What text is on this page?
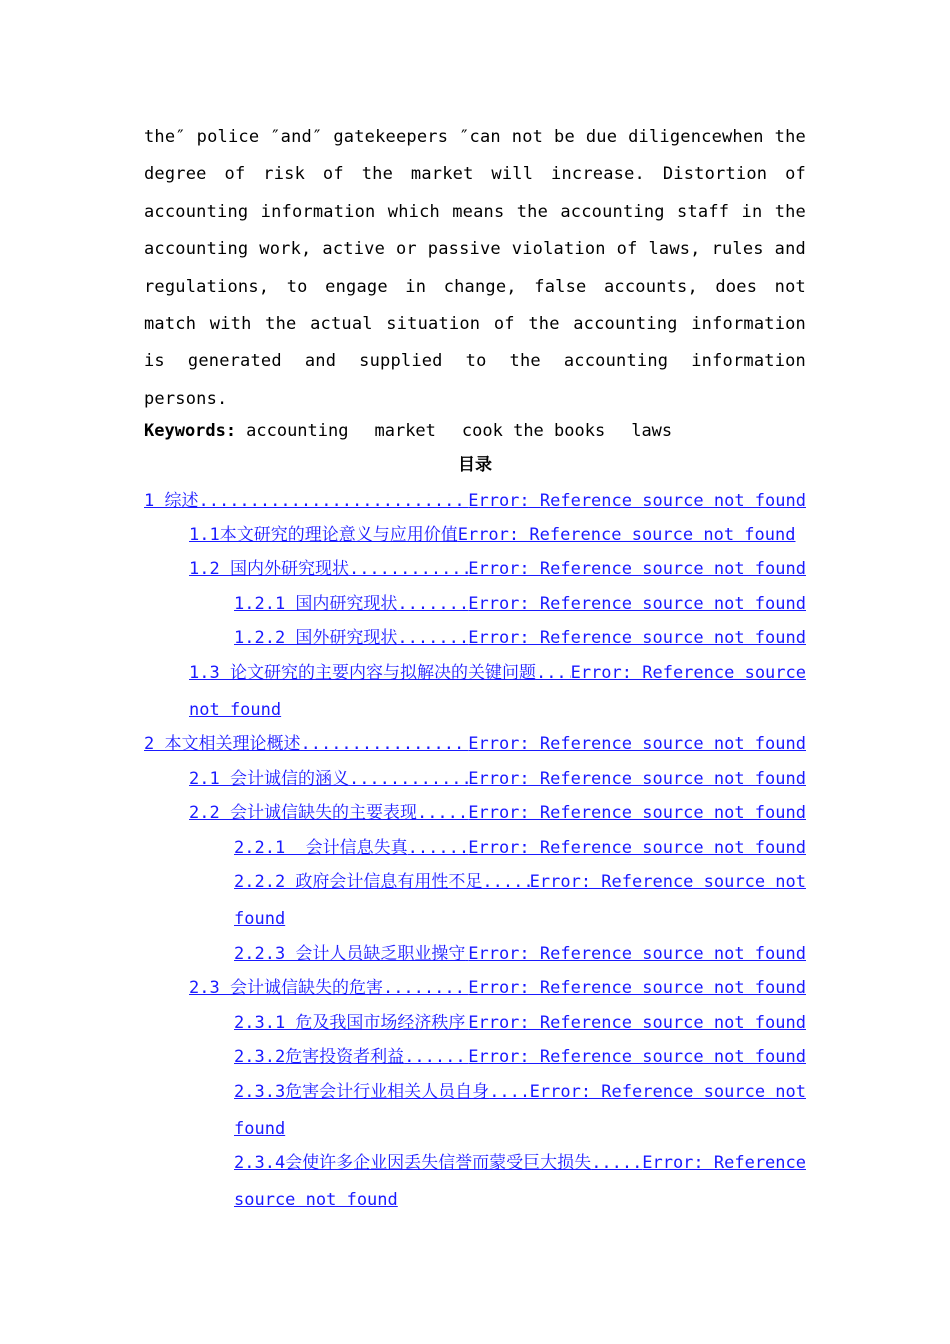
the″ police ″and″ gatekeepers ″can not be due diligencewhen the degree of risk of the market will increase. Distortion of accounting information which means the accounting staff in the accounting work, active or passive violation of laws, rules and regulations, to engage in change, false accounts, does not match with the actual situation of the accounting information is generated and supplied to the accounting information persons.

Keywords: accounting market cook the books laws
目录
1 综述 .....	Error: Reference source not found
1.1本文研究的理论意义与应用价值 Error: Reference source not found
1.2 国内外研究现状 .....	Error: Reference source not found
1.2.1 国内研究现状 .....	Error: Reference source not found
1.2.2 国外研究现状 .....	Error: Reference source not found
1.3 论文研究的主要内容与拟解决的关键问题 ..... Error: Reference source
not found
2 本文相关理论概述 .....	Error: Reference source not found
2.1 会计诚信的涵义 .....	Error: Reference source not found
2.2 会计诚信缺失的主要表现 .....	Error: Reference source not found
2.2.1  会计信息失真 .....	Error: Reference source not found
2.2.2 政府会计信息有用性不足 .....	Error: Reference source not
found
2.2.3 会计人员缺乏职业操守 ..... Error: Reference source not found
2.3 会计诚信缺失的危害 .....	Error: Reference source not found
2.3.1 危及我国市场经济秩序 ..... Error: Reference source not found
2.3.2危害投资者利益 .....	Error: Reference source not found
2.3.3危害会计行业相关人员自身 ..... Error: Reference source not
found
2.3.4会使许多企业因丢失信誉而蒙受巨大损失 .....	Error: Reference
source not found
